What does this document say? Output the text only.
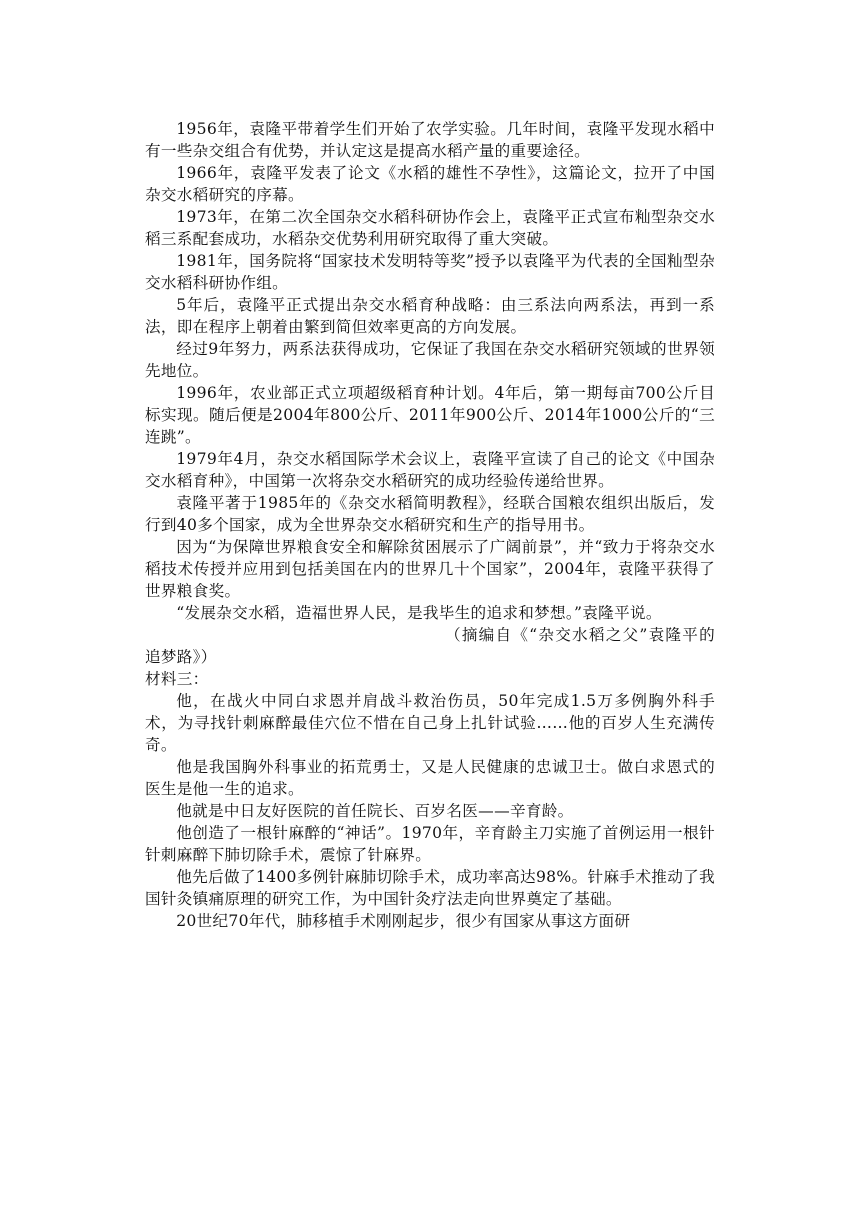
1956年，袁隆平带着学生们开始了农学实验。几年时间，袁隆平发现水稻中有一些杂交组合有优势，并认定这是提高水稻产量的重要途径。

1966年，袁隆平发表了论文《水稻的雄性不孕性》，这篇论文，拉开了中国杂交水稻研究的序幕。

1973年，在第二次全国杂交水稻科研协作会上，袁隆平正式宣布籼型杂交水稻三系配套成功，水稻杂交优势利用研究取得了重大突破。

1981年，国务院将“国家技术发明特等奖”授予以袁隆平为代表的全国籼型杂交水稻科研协作组。

5年后，袁隆平正式提出杂交水稻育种战略：由三系法向两系法，再到一系法，即在程序上朝着由繁到简但效率更高的方向发展。

经过9年努力，两系法获得成功，它保证了我国在杂交水稻研究领域的世界领先地位。

1996年，农业部正式立项超级稻育种计划。4年后，第一期每亩700公斤目标实现。随后便是2004年800公斤、2011年900公斤、2014年1000公斤的“三连跳”。

1979年4月，杂交水稻国际学术会议上，袁隆平宣读了自己的论文《中国杂交水稻育种》，中国第一次将杂交水稻研究的成功经验传递给世界。

袁隆平著于1985年的《杂交水稻简明教程》，经联合国粮农组织出版后，发行到40多个国家，成为全世界杂交水稻研究和生产的指导用书。

因为“为保障世界粮食安全和解除贫困展示了广阔前景”，并“致力于将杂交水稻技术传授并应用到包括美国在内的世界几十个国家”，2004年，袁隆平获得了世界粮食奖。

“发展杂交水稻，造福世界人民，是我毕生的追求和梦想。”袁隆平说。

（摘编自《“杂交水稻之父”袁隆平的追梦路》）

材料三：

他，在战火中同白求恩并肩战斗救治伤员，50年完成1.5万多例胸外科手术，为寻找针刺麻醉最佳穴位不惜在自己身上扎针试验……他的百岁人生充满传奇。

他是我国胸外科事业的拓荒勇士，又是人民健康的忠诚卫士。做白求恩式的医生是他一生的追求。

他就是中日友好医院的首任院长、百岁名医——辛育龄。

他创造了一根针麻醉的“神话”。1970年，辛育龄主刀实施了首例运用一根针针刺麻醉下肺切除手术，震惊了针麻界。

他先后做了1400多例针麻肺切除手术，成功率高达98%。针麻手术推动了我国针灸镇痛原理的研究工作，为中国针灸疗法走向世界奠定了基础。

20世纪70年代，肺移植手术刚刚起步，很少有国家从事这方面研
